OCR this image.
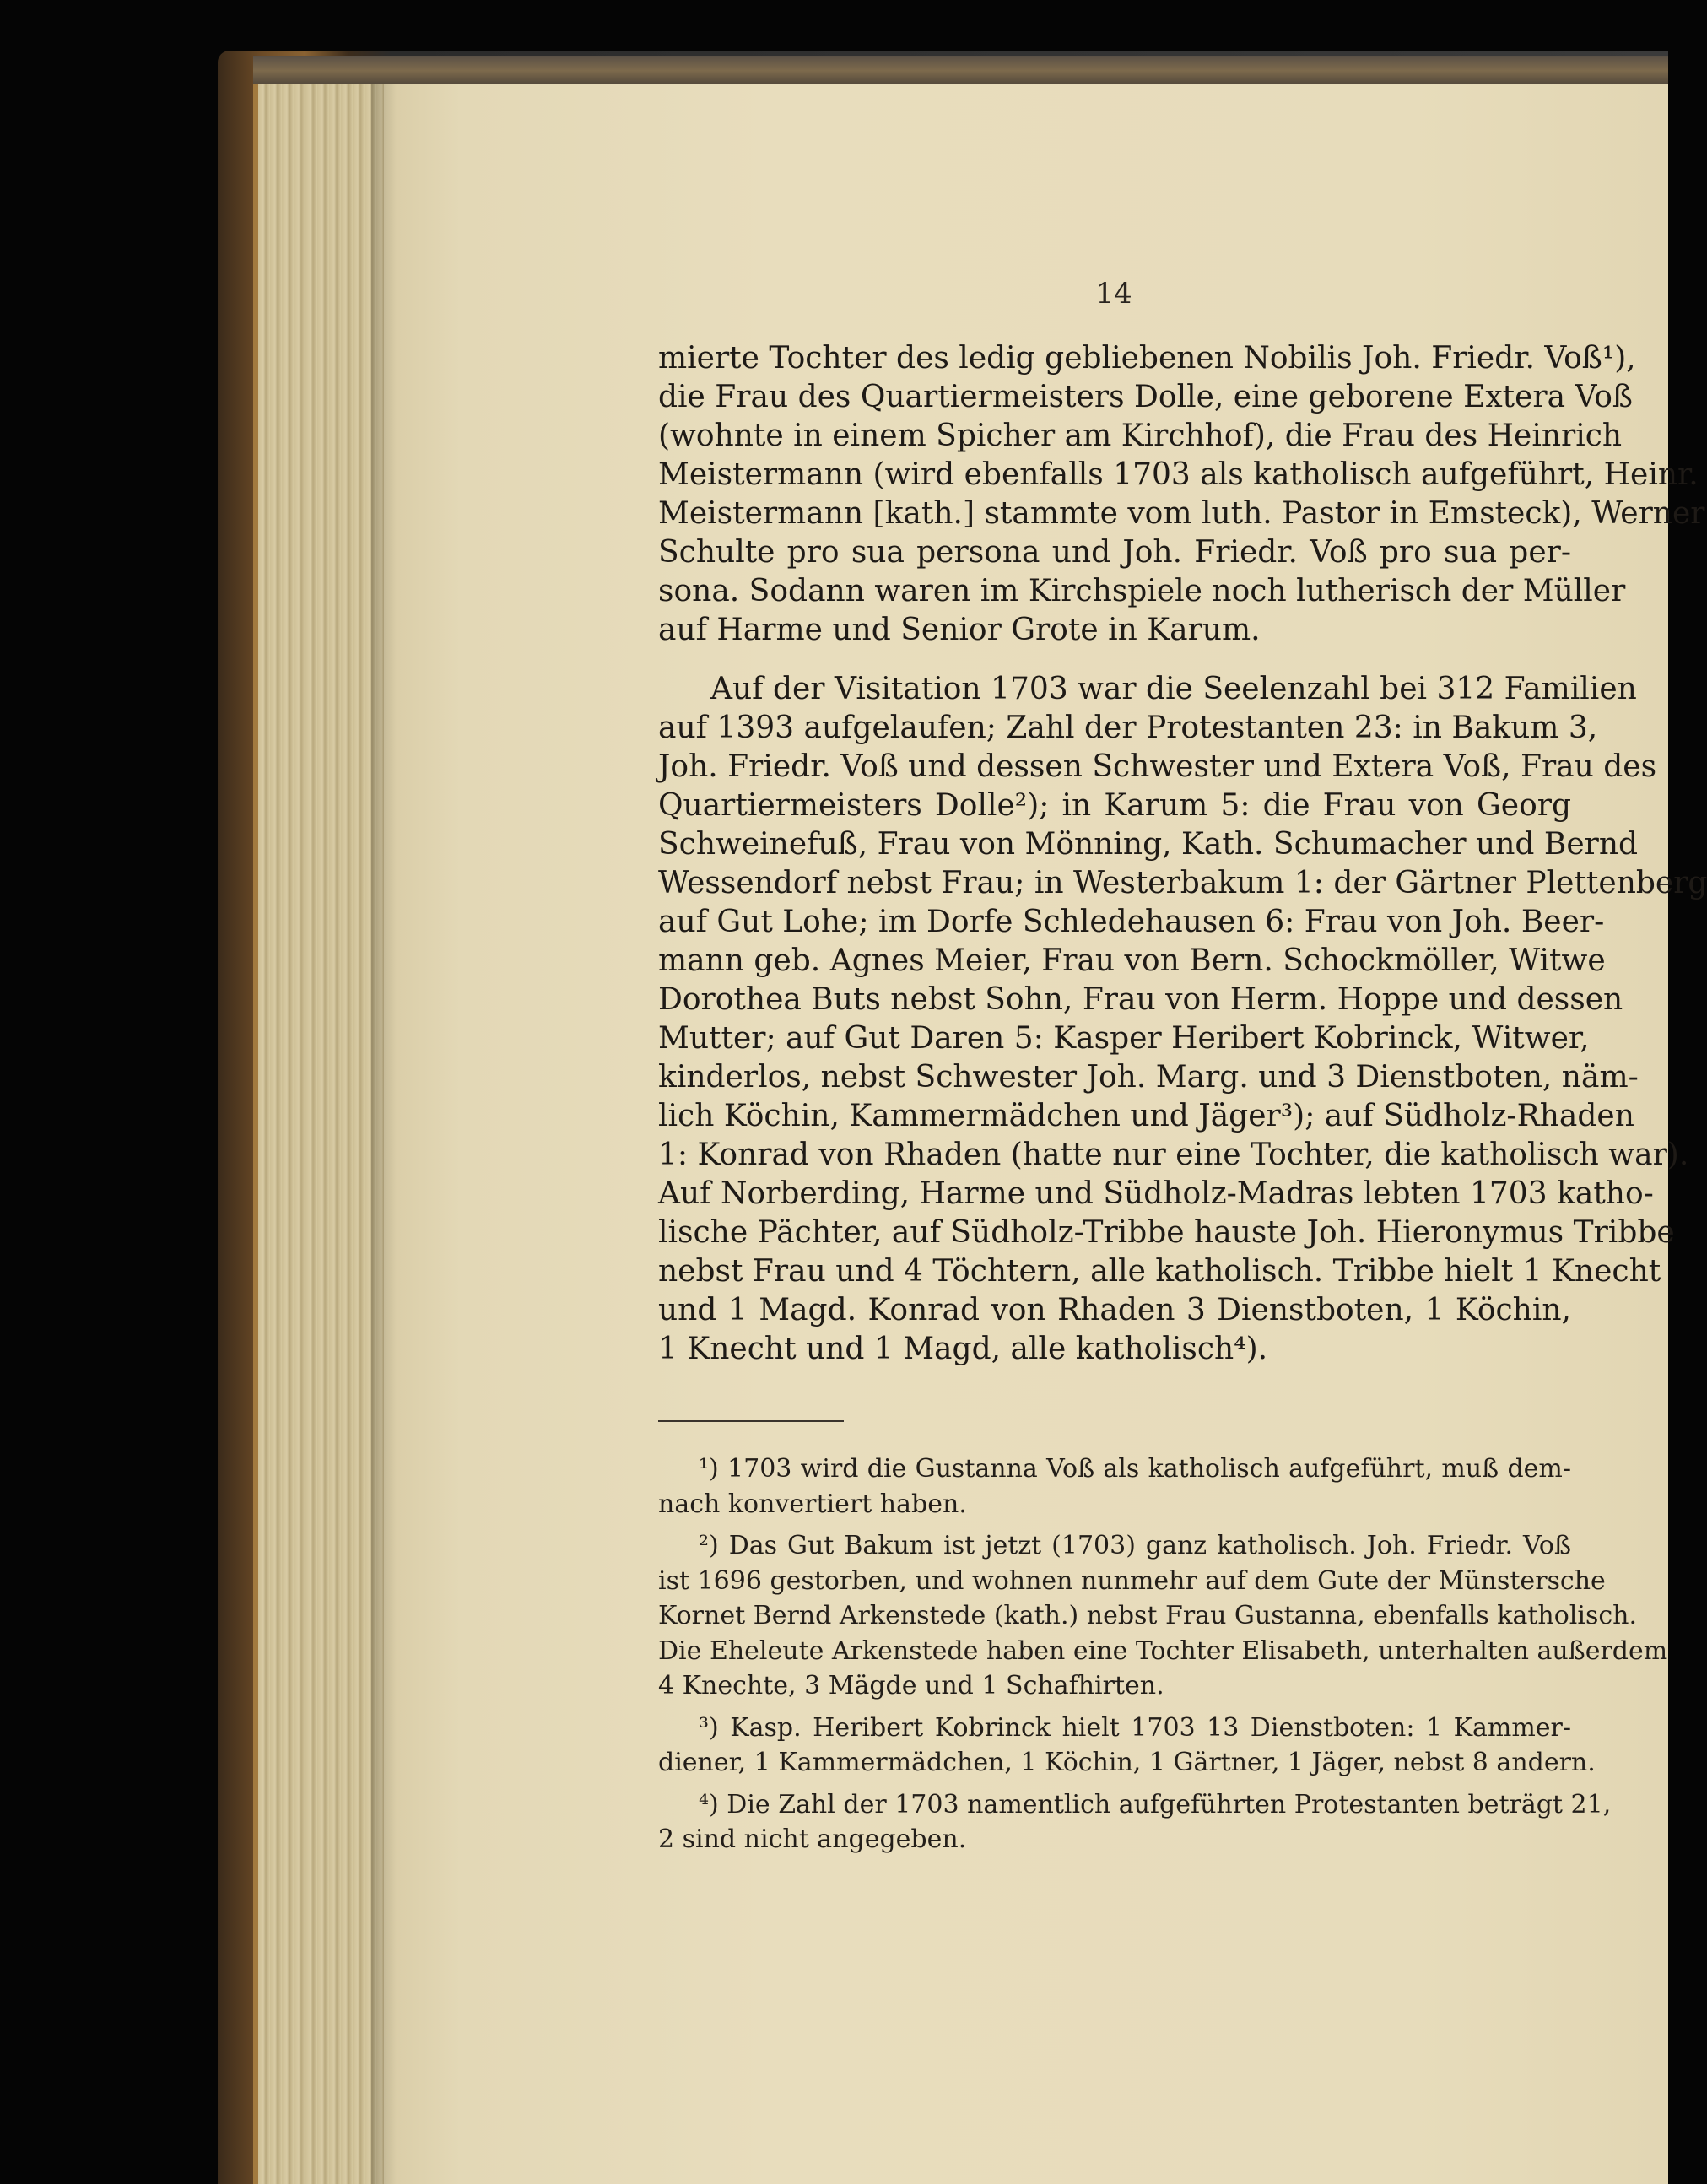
14
mierte Tochter des ledig gebliebenen Nobilis Joh. Friedr. Voß¹),
die Frau des Quartiermeisters Dolle, eine geborene Extera Voß
(wohnte in einem Spicher am Kirchhof), die Frau des Heinrich
Meistermann (wird ebenfalls 1703 als katholisch aufgeführt, Heinr.
Meistermann [kath.] stammte vom luth. Pastor in Emsteck), Werner
Schulte pro sua persona und Joh. Friedr. Voß pro sua per-
sona. Sodann waren im Kirchspiele noch lutherisch der Müller
auf Harme und Senior Grote in Karum.
Auf der Visitation 1703 war die Seelenzahl bei 312 Familien
auf 1393 aufgelaufen; Zahl der Protestanten 23: in Bakum 3,
Joh. Friedr. Voß und dessen Schwester und Extera Voß, Frau des
Quartiermeisters Dolle²); in Karum 5: die Frau von Georg
Schweinefuß, Frau von Mönning, Kath. Schumacher und Bernd
Wessendorf nebst Frau; in Westerbakum 1: der Gärtner Plettenberg
auf Gut Lohe; im Dorfe Schledehausen 6: Frau von Joh. Beer-
mann geb. Agnes Meier, Frau von Bern. Schockmöller, Witwe
Dorothea Buts nebst Sohn, Frau von Herm. Hoppe und dessen
Mutter; auf Gut Daren 5: Kasper Heribert Kobrinck, Witwer,
kinderlos, nebst Schwester Joh. Marg. und 3 Dienstboten, näm-
lich Köchin, Kammermädchen und Jäger³); auf Südholz-Rhaden
1: Konrad von Rhaden (hatte nur eine Tochter, die katholisch war).
Auf Norberding, Harme und Südholz-Madras lebten 1703 katho-
lische Pächter, auf Südholz-Tribbe hauste Joh. Hieronymus Tribbe
nebst Frau und 4 Töchtern, alle katholisch. Tribbe hielt 1 Knecht
und 1 Magd. Konrad von Rhaden 3 Dienstboten, 1 Köchin,
1 Knecht und 1 Magd, alle katholisch⁴).
¹) 1703 wird die Gustanna Voß als katholisch aufgeführt, muß dem-
nach konvertiert haben.
²) Das Gut Bakum ist jetzt (1703) ganz katholisch. Joh. Friedr. Voß
ist 1696 gestorben, und wohnen nunmehr auf dem Gute der Münstersche
Kornet Bernd Arkenstede (kath.) nebst Frau Gustanna, ebenfalls katholisch.
Die Eheleute Arkenstede haben eine Tochter Elisabeth, unterhalten außerdem
4 Knechte, 3 Mägde und 1 Schafhirten.
³) Kasp. Heribert Kobrinck hielt 1703 13 Dienstboten: 1 Kammer-
diener, 1 Kammermädchen, 1 Köchin, 1 Gärtner, 1 Jäger, nebst 8 andern.
⁴) Die Zahl der 1703 namentlich aufgeführten Protestanten beträgt 21,
2 sind nicht angegeben.
